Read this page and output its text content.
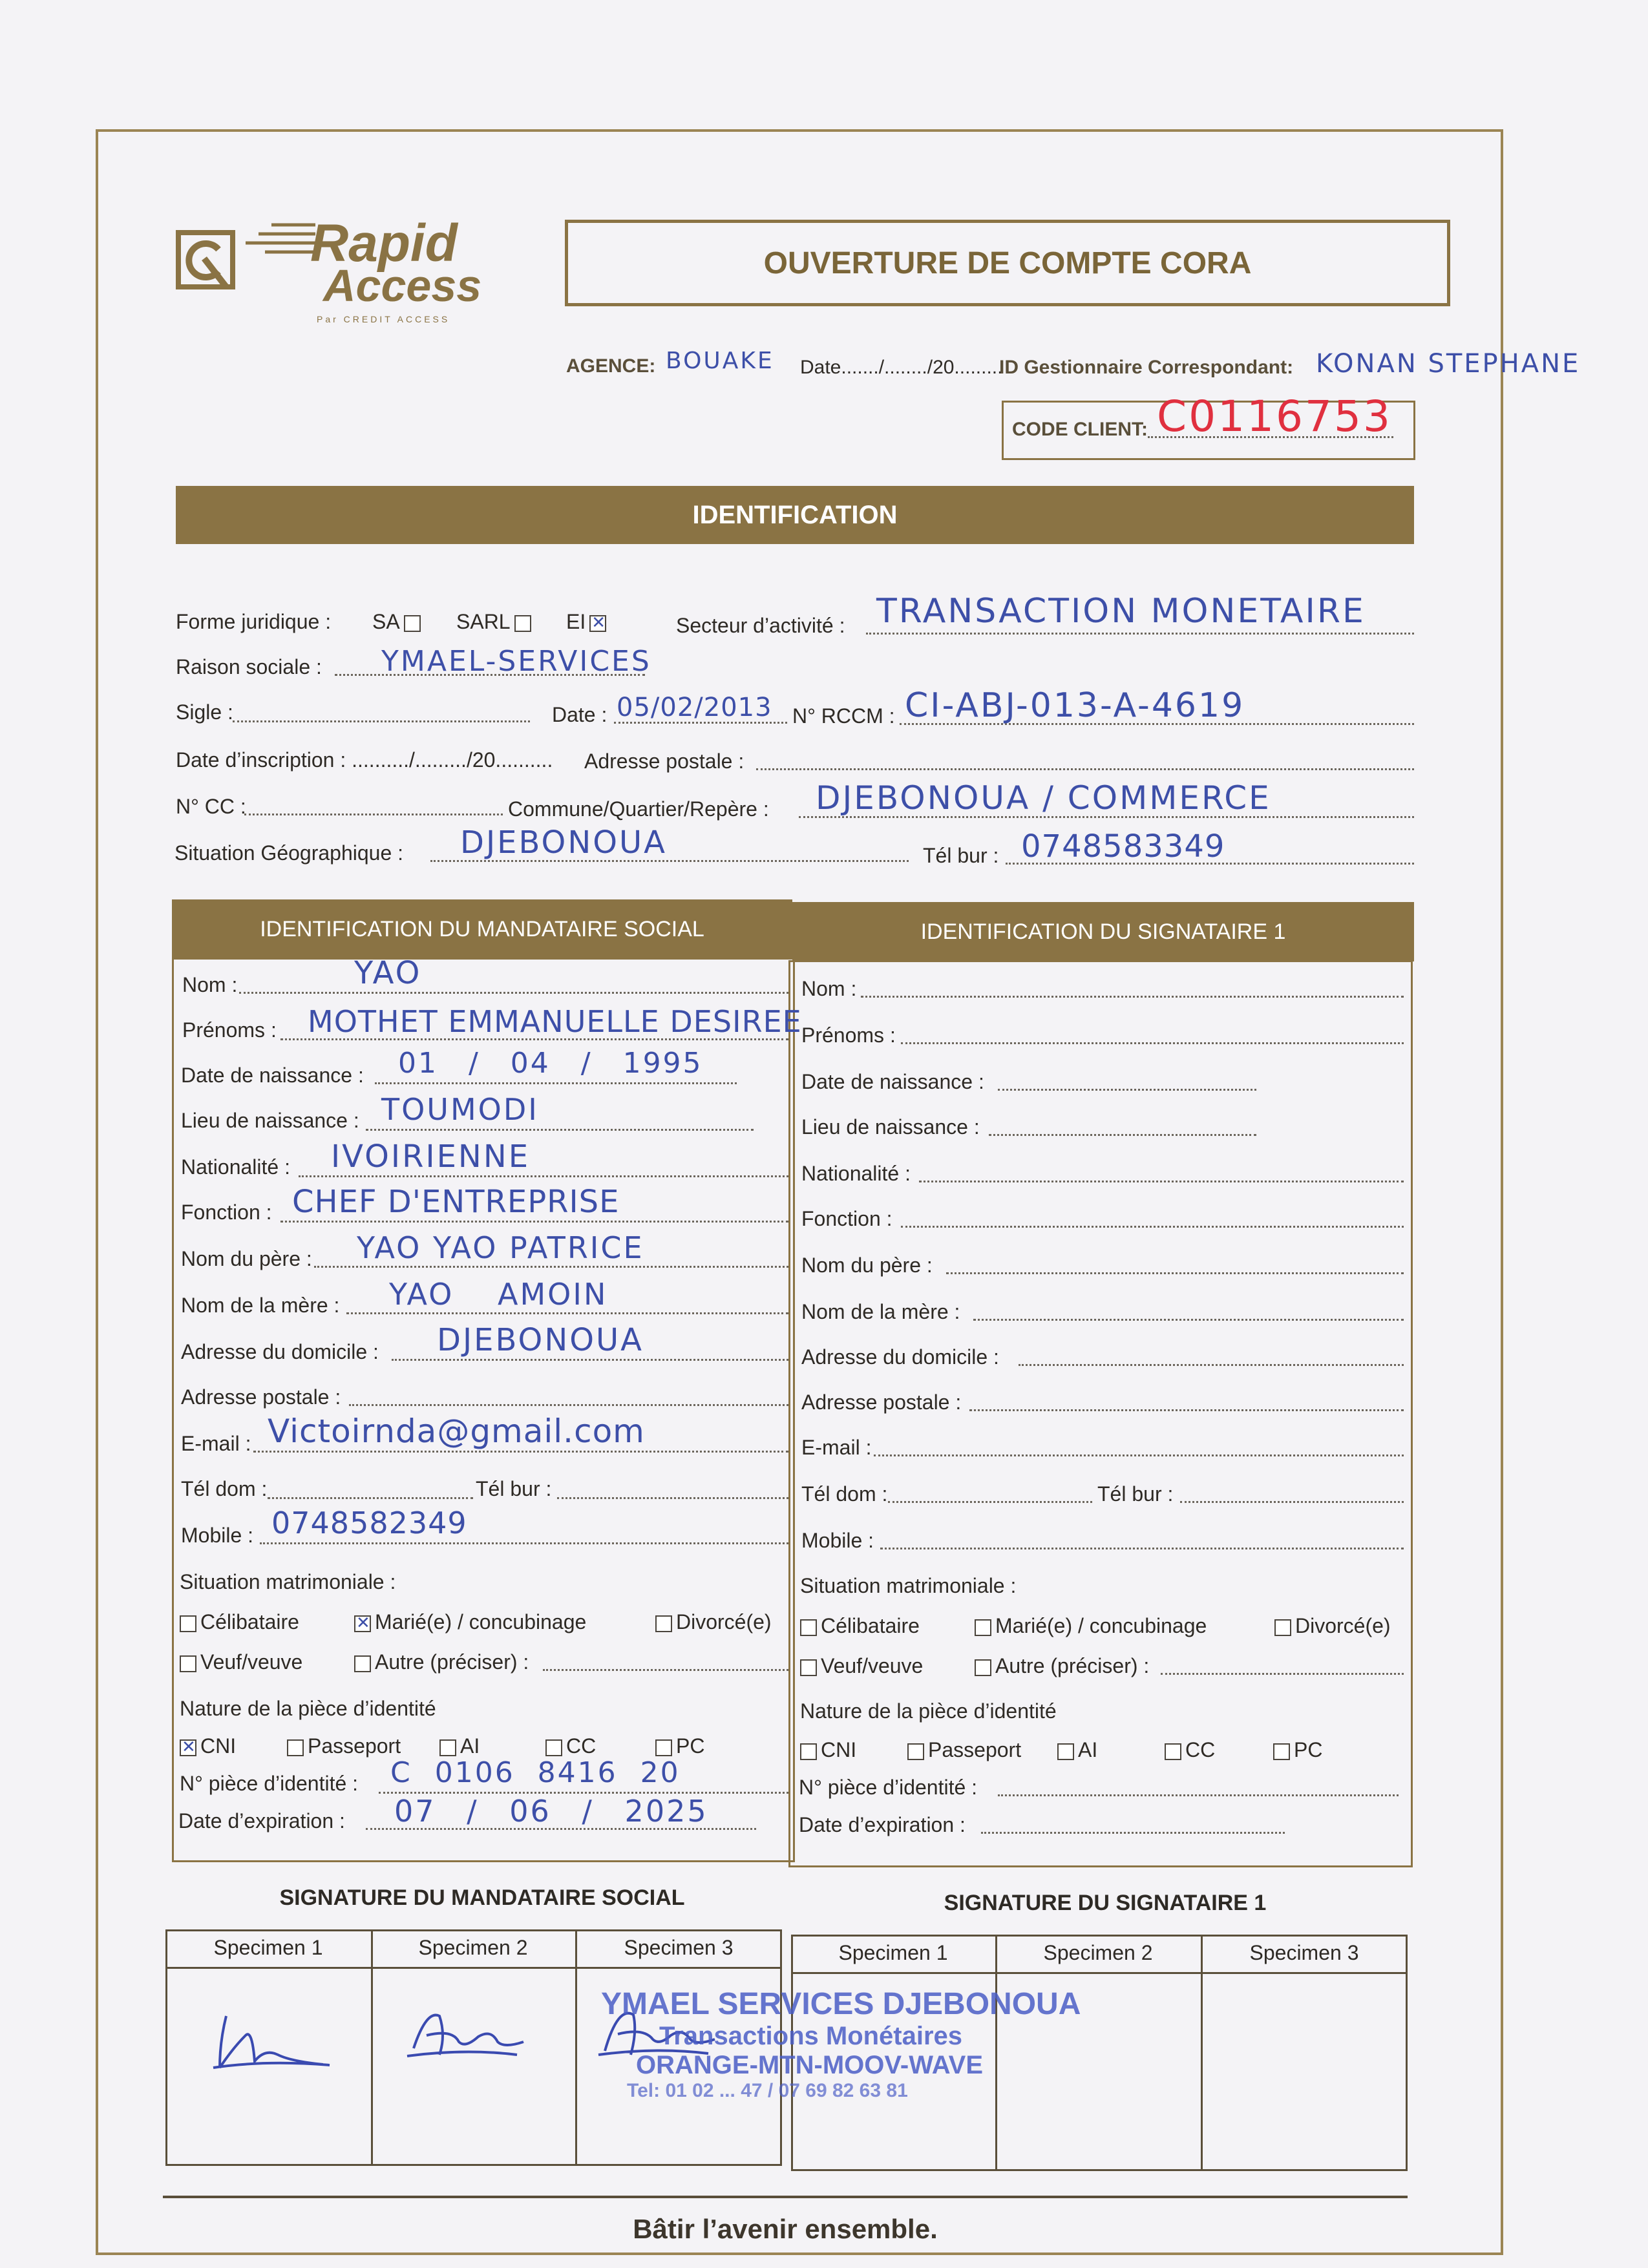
Rapid
Access
Par CREDIT ACCESS
OUVERTURE DE COMPTE CORA
AGENCE: BOUAKE Date......./......../20.........
ID Gestionnaire Correspondant: KONAN STEPHANE
CODE CLIENT: C0116753
IDENTIFICATION
Forme juridique : SA	SARL	EI ✕	Secteur d’activité : TRANSACTION MONETAIRE
Raison sociale : YMAEL-SERVICES
Sigle :	Date : 05/02/2013 N° RCCM : CI-ABJ-013-A-4619
Date d’inscription : ........../........./20.......... Adresse postale :
N° CC :	Commune/Quartier/Repère : DJEBONOUA / COMMERCE
Situation Géographique : DJEBONOUA	Tél bur : 0748583349
IDENTIFICATION DU MANDATAIRE SOCIAL	IDENTIFICATION DU SIGNATAIRE 1
Nom :	YAO
Prénoms : MOTHET EMMANUELLE DESIREE
Date de naissance : 01 / 04 / 1995
Lieu de naissance : TOUMODI
Nationalité : IVOIRIENNE
Fonction : CHEF D'ENTREPRISE
Nom du père : YAO YAO PATRICE
Nom de la mère : YAO AMOIN
Adresse du domicile : DJEBONOUA
Adresse postale :
E-mail : Victoirnda@gmail.com
Tél dom :	Tél bur :
Mobile : 0748582349
Situation matrimoniale :
Célibataire ✕	Marié(e) / concubinage	Divorcé(e)
Veuf/veuve	Autre (préciser) :
Nature de la pièce d’identité
✕CNI	Passeport	AI	CC	PC
N° pièce d’identité : C 0106 8416 20
Date d’expiration : 07 / 06 / 2025
Nom :
Prénoms :
Date de naissance :
Lieu de naissance :
Nationalité :
Fonction :
Nom du père :
Nom de la mère :
Adresse du domicile :
Adresse postale :
E-mail :
Tél dom :	Tél bur :
Mobile :
Situation matrimoniale :
Célibataire	Marié(e) / concubinage	Divorcé(e)
Veuf/veuve	Autre (préciser) :
Nature de la pièce d’identité
CNI	Passeport	AI	CC	PC
N° pièce d’identité :
Date d’expiration :
SIGNATURE DU MANDATAIRE SOCIAL	SIGNATURE DU SIGNATAIRE 1
Specimen 1	Specimen 2	Specimen 3	Specimen 1	Specimen 2	Specimen 3
YMAEL SERVICES DJEBONOUA
Transactions Monétaires
ORANGE-MTN-MOOV-WAVE
Tel: 01 02 ... 47 / 07 69 82 63 81
Bâtir l’avenir ensemble.
